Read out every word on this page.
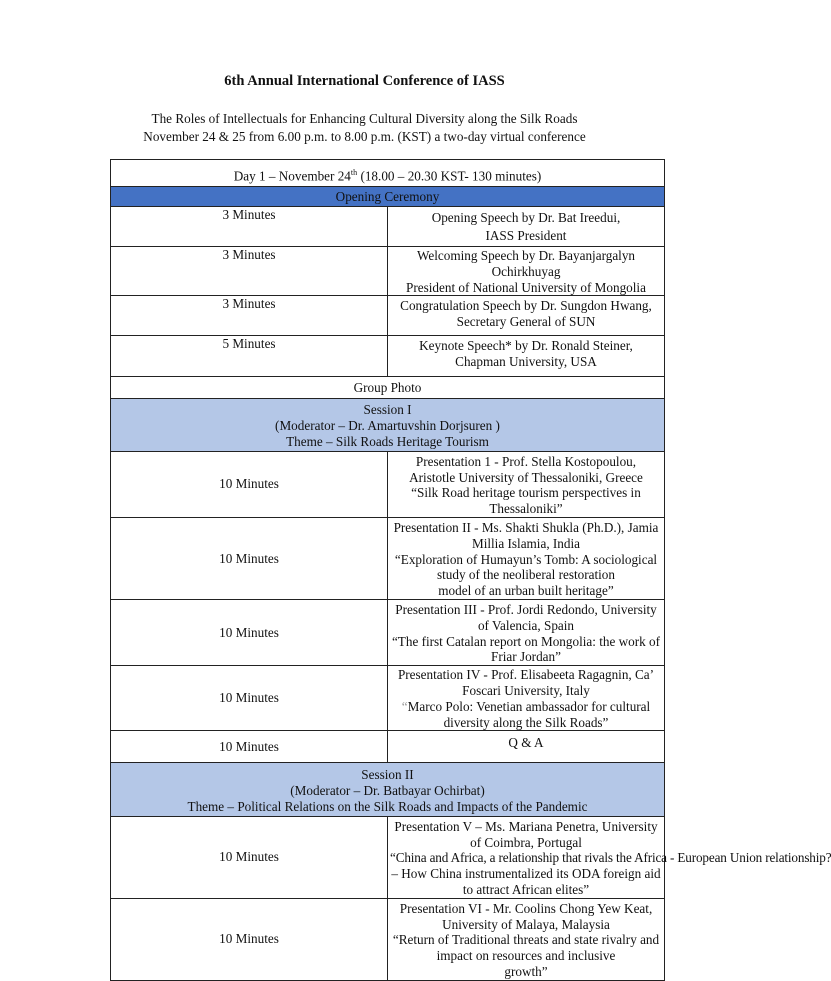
6th Annual International Conference of IASS
The Roles of Intellectuals for Enhancing Cultural Diversity along the Silk Roads
November 24 & 25 from 6.00 p.m. to 8.00 p.m. (KST) a two-day virtual conference
Day 1 – November 24th (18.00 – 20.30 KST- 130 minutes)	
Opening Ceremony	
3 Minutes	Opening Speech by Dr. Bat Ireedui,
IASS President

3 Minutes	Welcoming Speech by Dr. Bayanjargalyn Ochirkhuyag
President of National University of Mongolia

3 Minutes	Congratulation Speech by Dr. Sungdon Hwang,
Secretary General of SUN

5 Minutes	Keynote Speech* by Dr. Ronald Steiner,
Chapman University, USA

Group Photo	

Session I
(Moderator – Dr. Amartuvshin Dorjsuren )
Theme – Silk Roads Heritage Tourism	

10 Minutes	Presentation 1 - Prof. Stella Kostopoulou,
Aristotle University of Thessaloniki, Greece
“Silk Road heritage tourism perspectives in Thessaloniki”

10 Minutes	Presentation II - Ms. Shakti Shukla (Ph.D.), Jamia Millia Islamia, India
“Exploration of Humayun’s Tomb: A sociological study of the neoliberal restoration
model of an urban built heritage”

10 Minutes	Presentation III - Prof. Jordi Redondo, University of Valencia, Spain
“The first Catalan report on Mongolia: the work of Friar Jordan”

10 Minutes	Presentation IV - Prof. Elisabeeta Ragagnin, Ca’ Foscari University, Italy
“Marco Polo: Venetian ambassador for cultural diversity along the Silk Roads”

10 Minutes	Q & A

Session II
(Moderator – Dr. Batbayar Ochirbat)
Theme – Political Relations on the Silk Roads and Impacts of the Pandemic	

10 Minutes	Presentation V – Ms. Mariana Penetra, University of Coimbra, Portugal
“China and Africa, a relationship that rivals the Africa - European Union relationship?
– How China instrumentalized its ODA foreign aid to attract African elites”

10 Minutes	Presentation VI - Mr. Coolins Chong Yew Keat, University of Malaya, Malaysia
“Return of Traditional threats and state rivalry and impact on resources and inclusive
growth”
